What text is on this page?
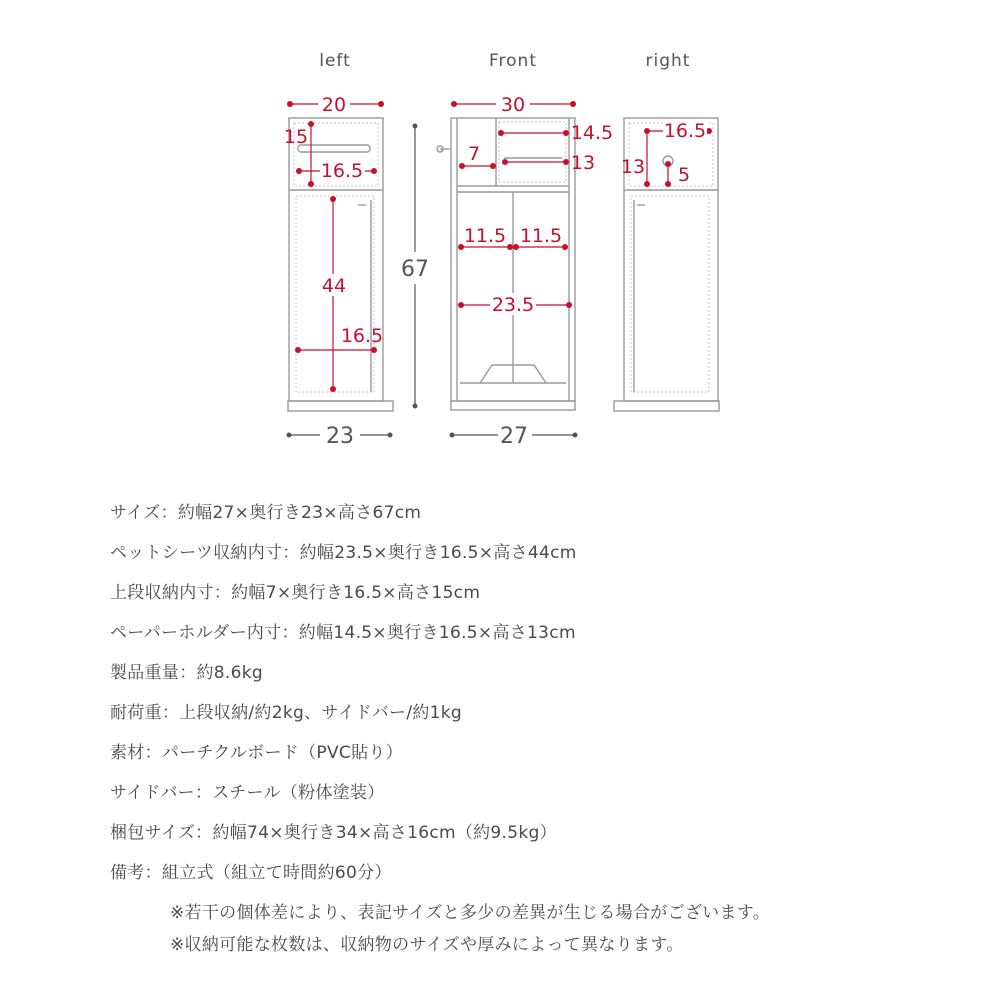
left	Front	right
20
15
16.5
44
16.5
23
67
30
14.5
7	13
11.5 11.5
23.5
27
16.5
13 5
サイズ：約幅27×奥行き23×高さ67cm
ペットシーツ収納内寸：約幅23.5×奥行き16.5×高さ44cm
上段収納内寸：約幅7×奥行き16.5×高さ15cm
ペーパーホルダー内寸：約幅14.5×奥行き16.5×高さ13cm
製品重量：約8.6kg
耐荷重：上段収納/約2kg、サイドバー/約1kg
素材：パーチクルボード（PVC貼り）
サイドバー：スチール（粉体塗装）
梱包サイズ：約幅74×奥行き34×高さ16cm（約9.5kg）
備考：組立式（組立て時間約60分）
※若干の個体差により、表記サイズと多少の差異が生じる場合がございます。
※収納可能な枚数は、収納物のサイズや厚みによって異なります。
